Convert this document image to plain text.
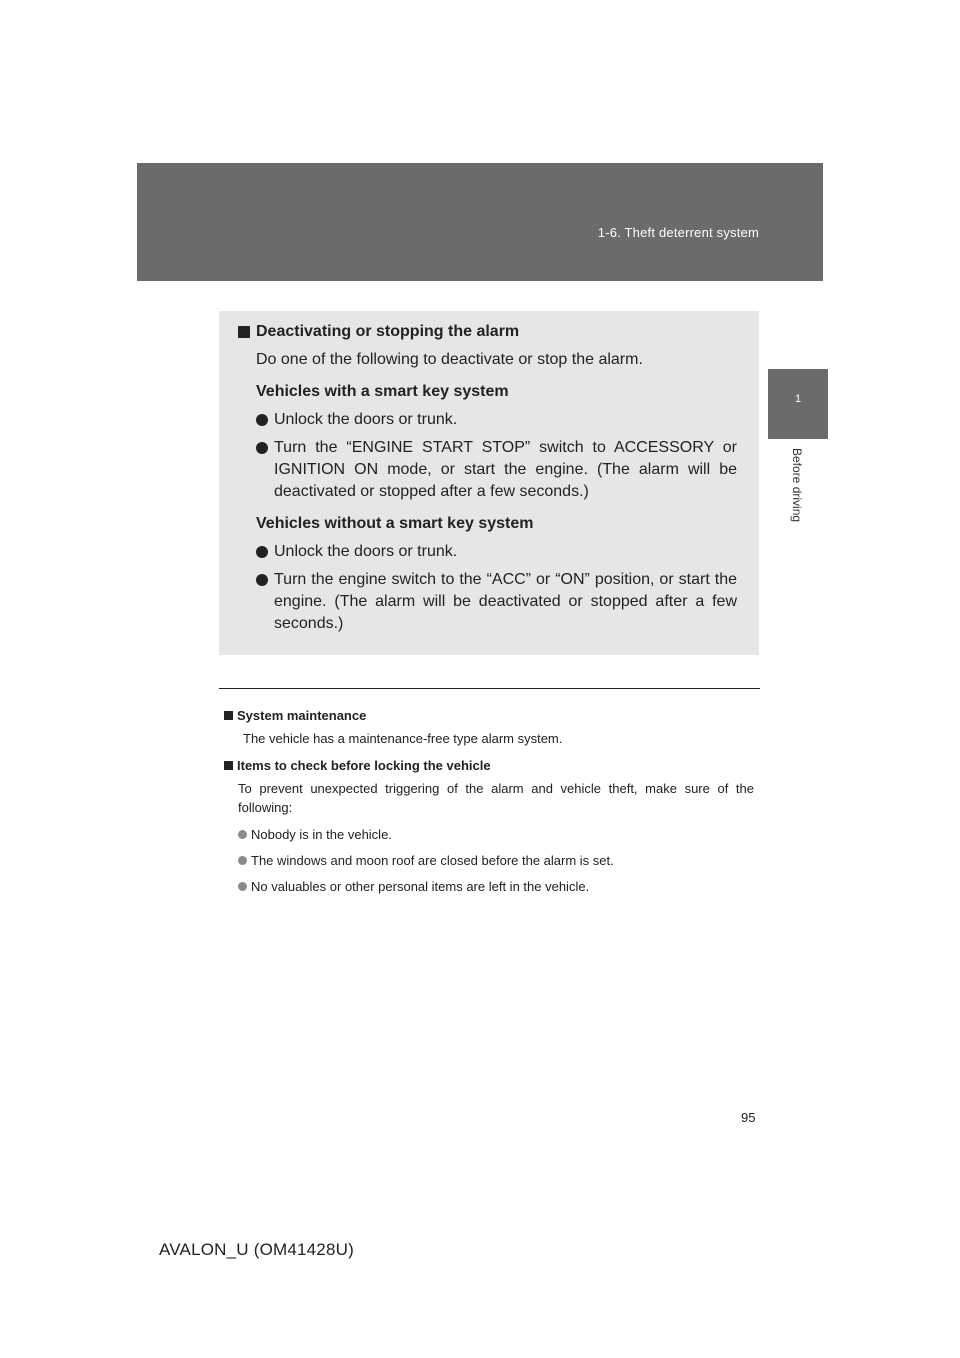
1-6. Theft deterrent system
1
Before driving
Deactivating or stopping the alarm
Do one of the following to deactivate or stop the alarm.
Vehicles with a smart key system
Unlock the doors or trunk.
Turn the “ENGINE START STOP” switch to ACCESSORY or IGNITION ON mode, or start the engine. (The alarm will be deactivated or stopped after a few seconds.)
Vehicles without a smart key system
Unlock the doors or trunk.
Turn the engine switch to the “ACC” or “ON” position, or start the engine. (The alarm will be deactivated or stopped after a few seconds.)
System maintenance
The vehicle has a maintenance-free type alarm system.
Items to check before locking the vehicle
To prevent unexpected triggering of the alarm and vehicle theft, make sure of the following:
Nobody is in the vehicle.
The windows and moon roof are closed before the alarm is set.
No valuables or other personal items are left in the vehicle.
95
AVALON_U (OM41428U)
